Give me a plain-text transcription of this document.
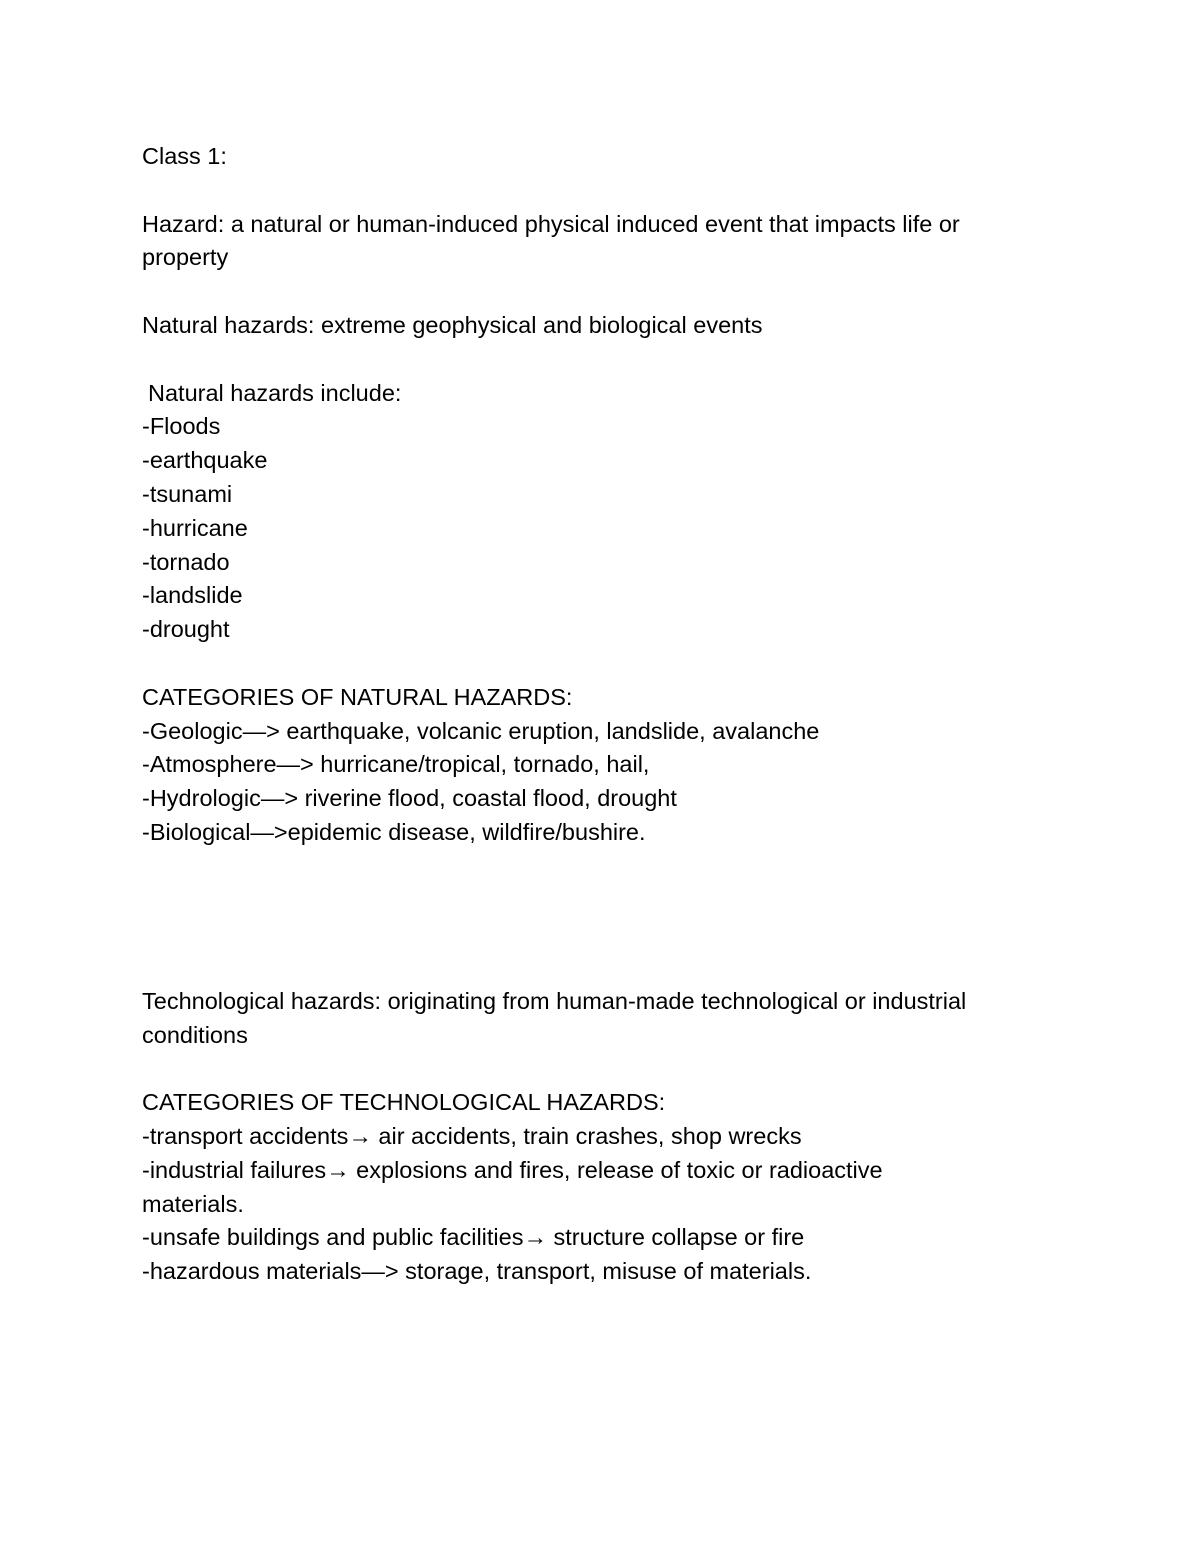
Class 1:
Hazard: a natural or human-induced physical induced event that impacts life or
property
Natural hazards: extreme geophysical and biological events
Natural hazards include:
-Floods
-earthquake
-tsunami
-hurricane
-tornado
-landslide
-drought
CATEGORIES OF NATURAL HAZARDS:
-Geologic—> earthquake, volcanic eruption, landslide, avalanche
-Atmosphere—> hurricane/tropical, tornado, hail,
-Hydrologic—> riverine flood, coastal flood, drought
-Biological—>epidemic disease, wildfire/bushire.
Technological hazards: originating from human-made technological or industrial
conditions
CATEGORIES OF TECHNOLOGICAL HAZARDS:
-transport accidents→ air accidents, train crashes, shop wrecks
-industrial failures→ explosions and fires, release of toxic or radioactive
materials.
-unsafe buildings and public facilities→ structure collapse or fire
-hazardous materials—> storage, transport, misuse of materials.
